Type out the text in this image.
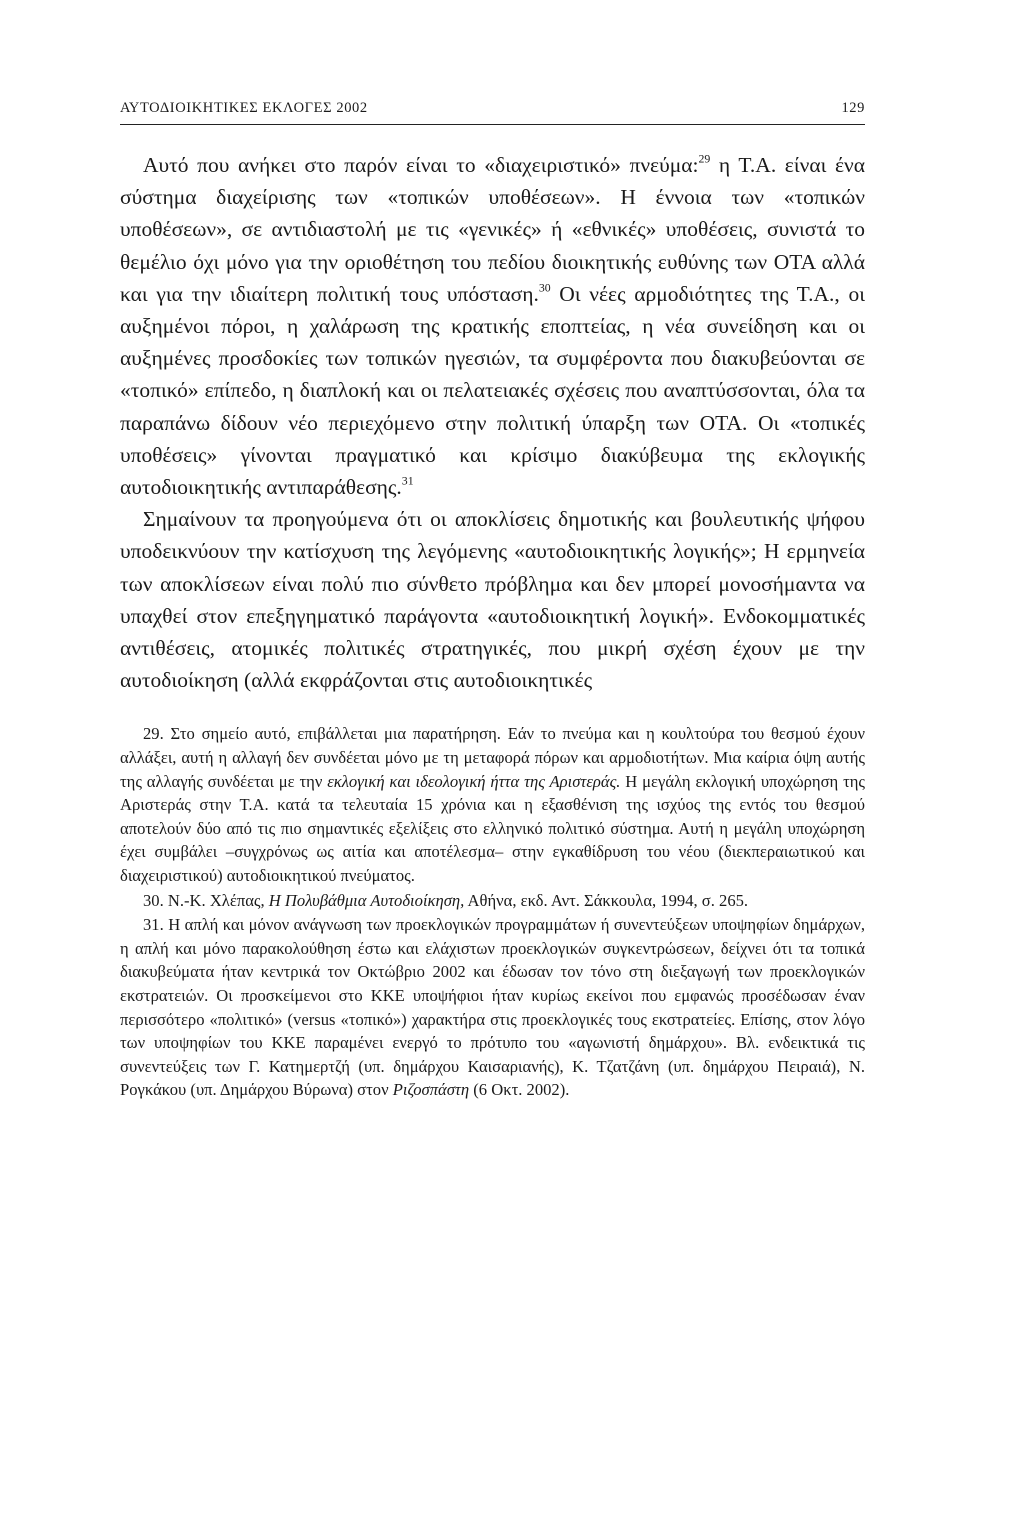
ΑΥΤΟΔΙΟΙΚΗΤΙΚΕΣ ΕΚΛΟΓΕΣ 2002	129

Αυτό που ανήκει στο παρόν είναι το «διαχειριστικό» πνεύμα:$^{29}$ η Τ.Α. είναι ένα σύστημα διαχείρισης των «τοπικών υποθέσεων». Η έννοια των «τοπικών υποθέσεων», σε αντιδιαστολή με τις «γενικές» ή «εθνικές» υποθέσεις, συνιστά το θεμέλιο όχι μόνο για την οριοθέτηση του πεδίου διοικητικής ευθύνης των ΟΤΑ αλλά και για την ιδιαίτερη πολιτική τους υπόσταση.$^{30}$ Οι νέες αρμοδιότητες της Τ.Α., οι αυξημένοι πόροι, η χαλάρωση της κρατικής εποπτείας, η νέα συνείδηση και οι αυξημένες προσδοκίες των τοπικών ηγεσιών, τα συμφέροντα που διακυβεύονται σε «τοπικό» επίπεδο, η διαπλοκή και οι πελατειακές σχέσεις που αναπτύσσονται, όλα τα παραπάνω δίδουν νέο περιεχόμενο στην πολιτική ύπαρξη των ΟΤΑ. Οι «τοπικές υποθέσεις» γίνονται πραγματικό και κρίσιμο διακύβευμα της εκλογικής αυτοδιοικητικής αντιπαράθεσης.$^{31}$

Σημαίνουν τα προηγούμενα ότι οι αποκλίσεις δημοτικής και βουλευτικής ψήφου υποδεικνύουν την κατίσχυση της λεγόμενης «αυτοδιοικητικής λογικής»; Η ερμηνεία των αποκλίσεων είναι πολύ πιο σύνθετο πρόβλημα και δεν μπορεί μονοσήμαντα να υπαχθεί στον επεξηγηματικό παράγοντα «αυτοδιοικητική λογική». Ενδοκομματικές αντιθέσεις, ατομικές πολιτικές στρατηγικές, που μικρή σχέση έχουν με την αυτοδιοίκηση (αλλά εκφράζονται στις αυτοδιοικητικές

29. Στο σημείο αυτό, επιβάλλεται μια παρατήρηση. Εάν το πνεύμα και η κουλτούρα του θεσμού έχουν αλλάξει, αυτή η αλλαγή δεν συνδέεται μόνο με τη μεταφορά πόρων και αρμοδιοτήτων. Μια καίρια όψη αυτής της αλλαγής συνδέεται με την εκλογική και ιδεολογική ήττα της Αριστεράς. Η μεγάλη εκλογική υποχώρηση της Αριστεράς στην Τ.Α. κατά τα τελευταία 15 χρόνια και η εξασθένιση της ισχύος της εντός του θεσμού αποτελούν δύο από τις πιο σημαντικές εξελίξεις στο ελληνικό πολιτικό σύστημα. Αυτή η μεγάλη υποχώρηση έχει συμβάλει –συγχρόνως ως αιτία και αποτέλεσμα– στην εγκαθίδρυση του νέου (διεκπεραιωτικού και διαχειριστικού) αυτοδιοικητικού πνεύματος.

30. Ν.-Κ. Χλέπας, Η Πολυβάθμια Αυτοδιοίκηση, Αθήνα, εκδ. Αντ. Σάκκουλα, 1994, σ. 265.

31. Η απλή και μόνον ανάγνωση των προεκλογικών προγραμμάτων ή συνεντεύξεων υποψηφίων δημάρχων, η απλή και μόνο παρακολούθηση έστω και ελάχιστων προεκλογικών συγκεντρώσεων, δείχνει ότι τα τοπικά διακυβεύματα ήταν κεντρικά τον Οκτώβριο 2002 και έδωσαν τον τόνο στη διεξαγωγή των προεκλογικών εκστρατειών. Οι προσκείμενοι στο ΚΚΕ υποψήφιοι ήταν κυρίως εκείνοι που εμφανώς προσέδωσαν έναν περισσότερο «πολιτικό» (versus «τοπικό») χαρακτήρα στις προεκλογικές τους εκστρατείες. Επίσης, στον λόγο των υποψηφίων του ΚΚΕ παραμένει ενεργό το πρότυπο του «αγωνιστή δημάρχου». Βλ. ενδεικτικά τις συνεντεύξεις των Γ. Κατημερτζή (υπ. δημάρχου Καισαριανής), Κ. Τζατζάνη (υπ. δημάρχου Πειραιά), Ν. Ρογκάκου (υπ. Δημάρχου Βύρωνα) στον Ριζοσπάστη (6 Οκτ. 2002).
